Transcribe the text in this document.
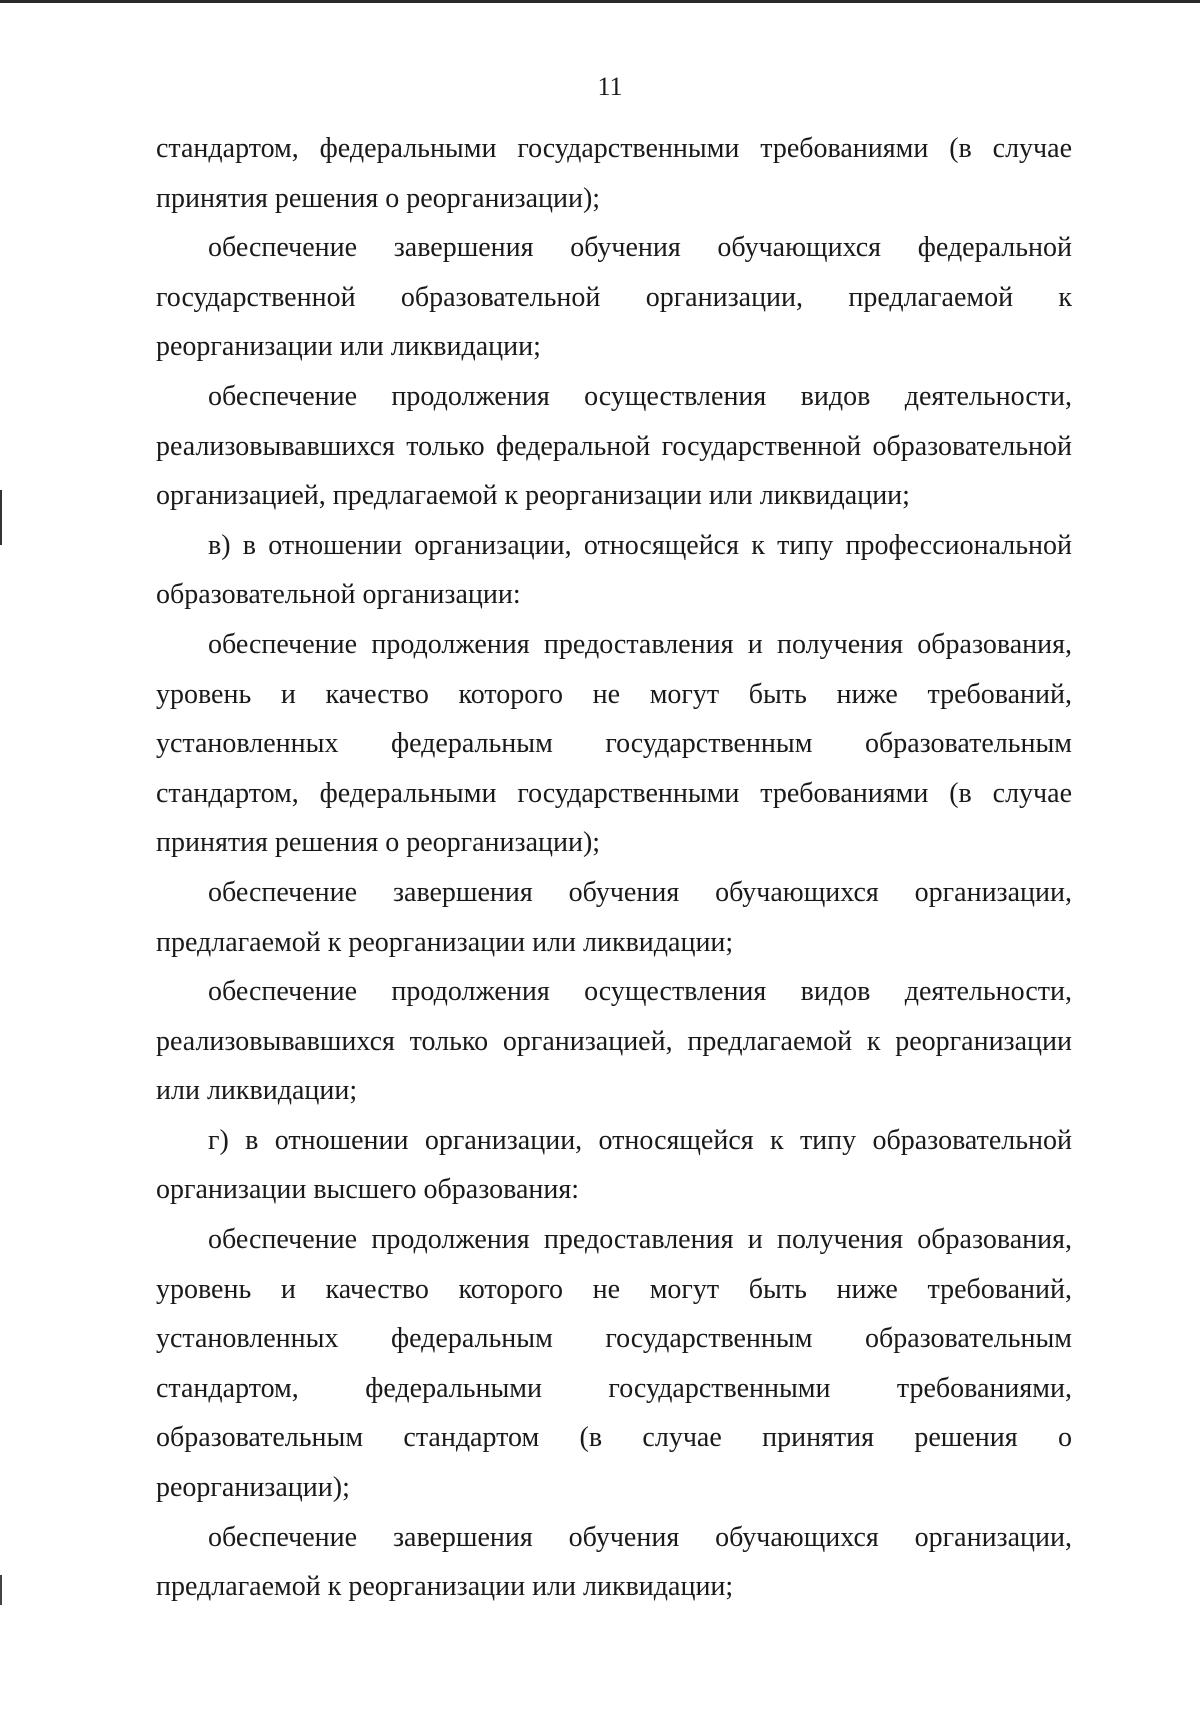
11

стандартом, федеральными государственными требованиями (в случае принятия решения о реорганизации);

обеспечение завершения обучения обучающихся федеральной государственной образовательной организации, предлагаемой к реорганизации или ликвидации;

обеспечение продолжения осуществления видов деятельности, реализовывавшихся только федеральной государственной образовательной организацией, предлагаемой к реорганизации или ликвидации;

в) в отношении организации, относящейся к типу профессиональной образовательной организации:

обеспечение продолжения предоставления и получения образования, уровень и качество которого не могут быть ниже требований, установленных федеральным государственным образовательным стандартом, федеральными государственными требованиями (в случае принятия решения о реорганизации);

обеспечение завершения обучения обучающихся организации, предлагаемой к реорганизации или ликвидации;

обеспечение продолжения осуществления видов деятельности, реализовывавшихся только организацией, предлагаемой к реорганизации или ликвидации;

г) в отношении организации, относящейся к типу образовательной организации высшего образования:

обеспечение продолжения предоставления и получения образования, уровень и качество которого не могут быть ниже требований, установленных федеральным государственным образовательным стандартом, федеральными государственными требованиями, образовательным стандартом (в случае принятия решения о реорганизации);

обеспечение завершения обучения обучающихся организации, предлагаемой к реорганизации или ликвидации;
